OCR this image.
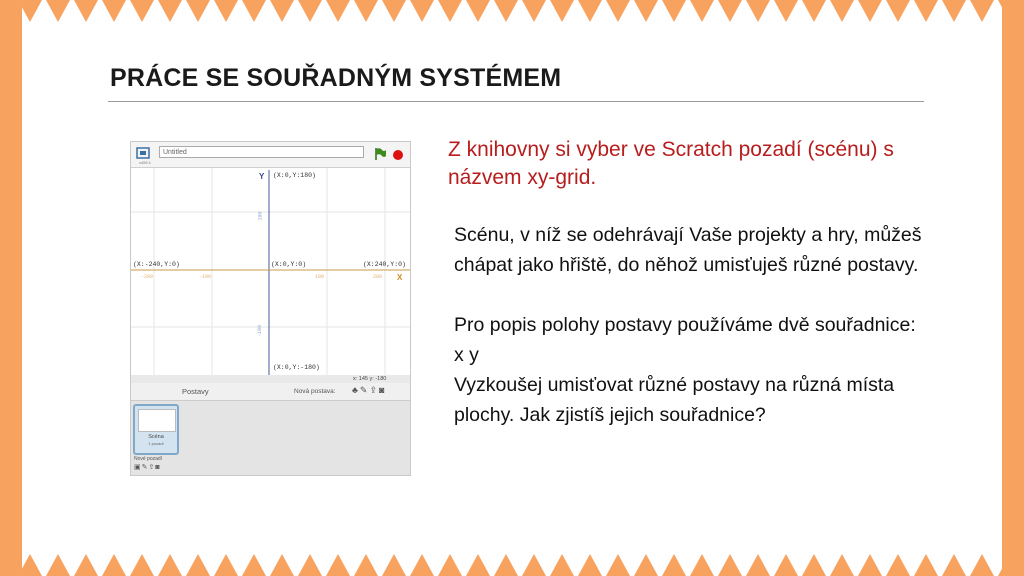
PRÁCE SE SOUŘADNÝM SYSTÉMEM
v459.1
Untitled
Y
X
(X:0,Y:180)
(X:-240,Y:0)	(X:0,Y:0)	(X:240,Y:0)
(X:0,Y:-180)
-200	-100	100	200
100
-100
x: 145 y: -180
Postavy	Nová postava: ♣✎⇪◙
Scéna
1 pozadí
Nové pozadí
▣✎⇪◙
Z knihovny si vyber ve Scratch pozadí (scénu) s názvem xy-grid.
Scénu, v níž se odehrávají Vaše projekty a hry, můžeš chápat jako hřiště, do něhož umisťuješ různé postavy.

Pro popis polohy postavy používáme dvě souřadnice:
x y
Vyzkoušej umisťovat různé postavy na různá místa plochy. Jak zjistíš jejich souřadnice?
